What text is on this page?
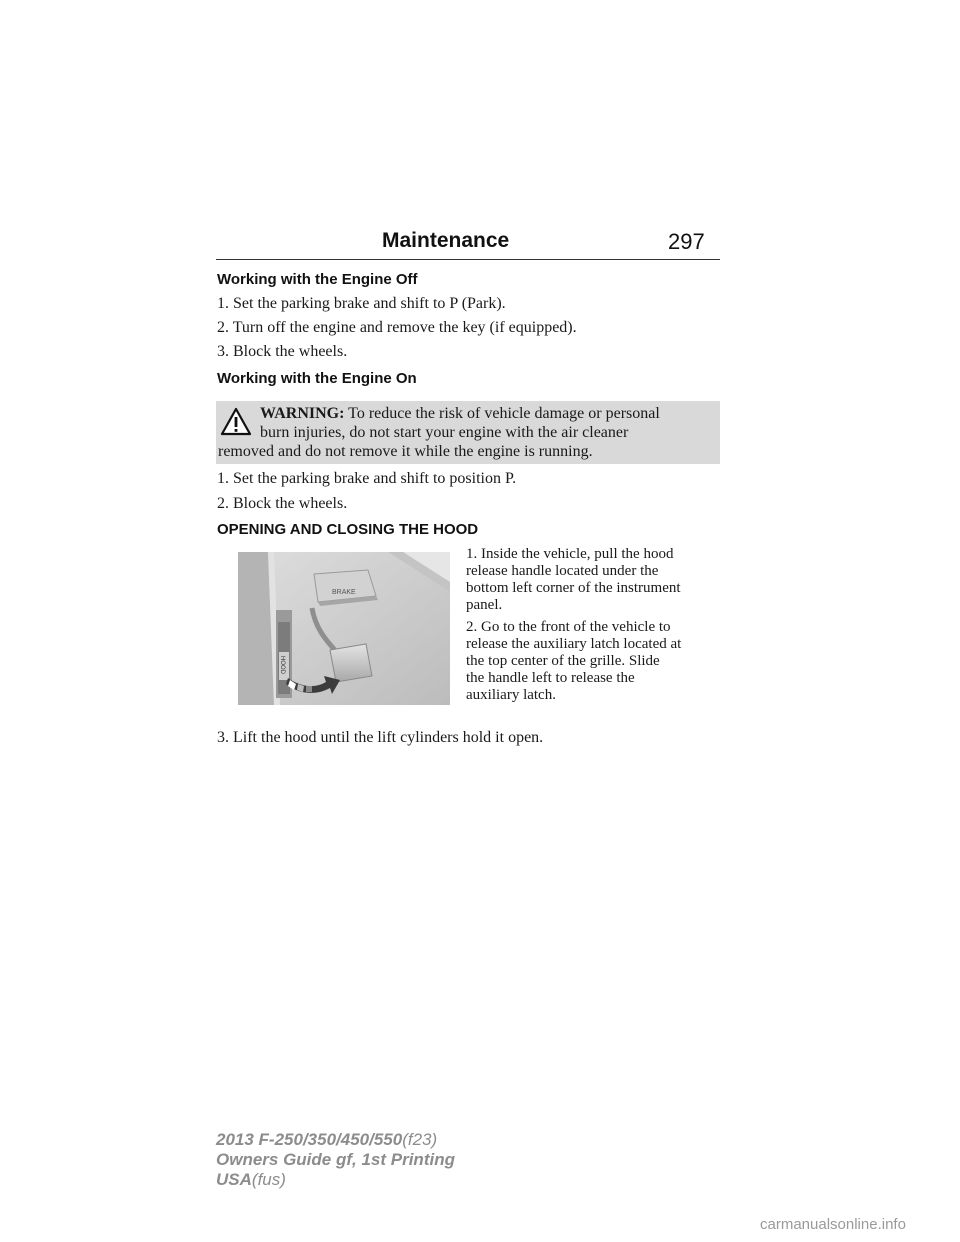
Maintenance	297
Working with the Engine Off
1. Set the parking brake and shift to P (Park).
2. Turn off the engine and remove the key (if equipped).
3. Block the wheels.
Working with the Engine On
WARNING: To reduce the risk of vehicle damage or personal
burn injuries, do not start your engine with the air cleaner
removed and do not remove it while the engine is running.
1. Set the parking brake and shift to position P.
2. Block the wheels.
OPENING AND CLOSING THE HOOD
BRAKE
HOOD
1. Inside the vehicle, pull the hood
release handle located under the
bottom left corner of the instrument
panel.
2. Go to the front of the vehicle to
release the auxiliary latch located at
the top center of the grille. Slide
the handle left to release the
auxiliary latch.
3. Lift the hood until the lift cylinders hold it open.
2013 F-250/350/450/550(f23)
Owners Guide gf, 1st Printing
USA(fus)
carmanualsonline.info
